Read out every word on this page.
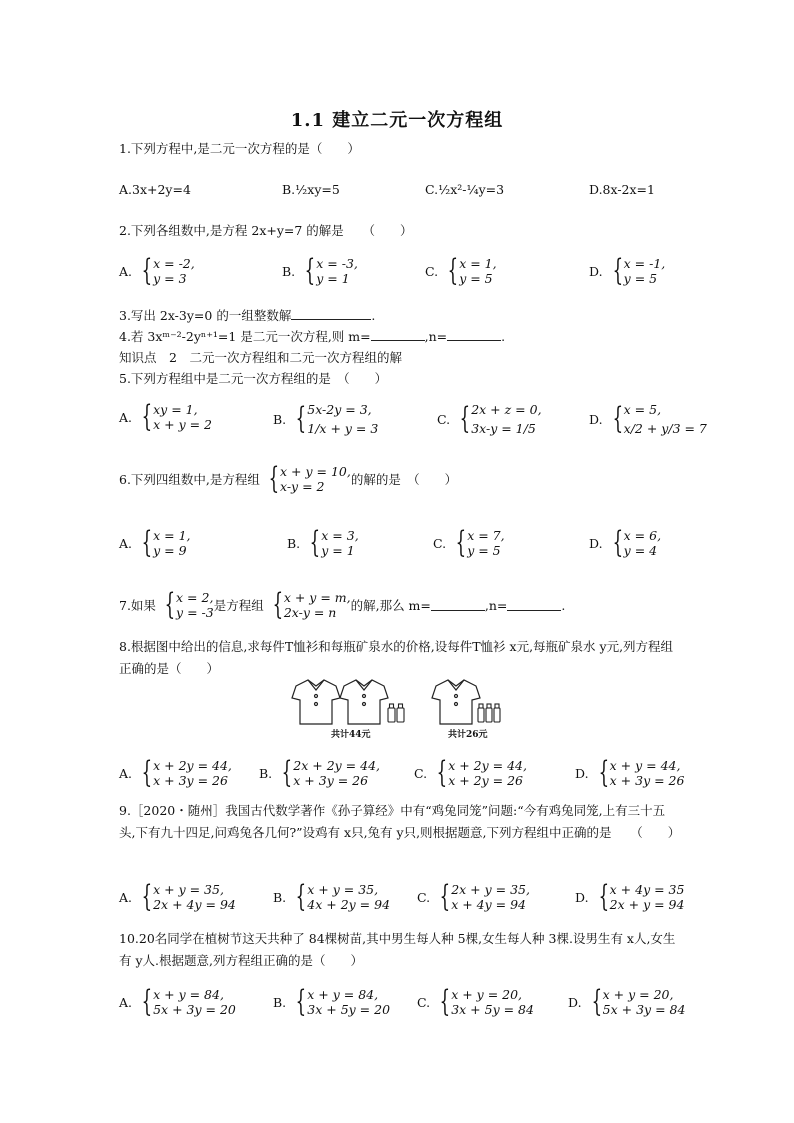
1.1 建立二元一次方程组
1.下列方程中,是二元一次方程的是（　　）
A.3x+2y=4	B.½xy=5	C.½x²-¼y=3	D.8x-2x=1
2.下列各组数中,是方程 2x+y=7 的解是　　（　　）
A. { x = -2,
y = 3	B. { x = -3,
y = 1	C. { x = 1,
y = 5	D. { x = -1,
y = 5
3.写出 2x-3y=0 的一组整数解	.
4.若 3xᵐ⁻²-2yⁿ⁺¹=1 是二元一次方程,则 m=	,n=	.
知识点　2　二元一次方程组和二元一次方程组的解
5.下列方程组中是二元一次方程组的是　（　　）
A. { xy = 1,
x + y = 2	B. { 5x-2y = 3,
1/x + y = 3
C. { 2x + z = 0,
3x-y = 1/5
D. { x = 5,
x/2 + y/3 = 7
6.下列四组数中,是方程组 { x + y = 10,
x-y = 2	的解的是　（　　）
A. { x = 1,
y = 9	B. { x = 3,
y = 1	C. { x = 7,
y = 5	D. { x = 6,
y = 4
7.如果 { x = 2,
y = -3 是方程组 { x + y = m,
2x-y = n	的解,那么 m=	,n=	.
8.根据图中给出的信息,求每件T恤衫和每瓶矿泉水的价格,设每件T恤衫 x元,每瓶矿泉水 y元,列方程组正确的是（　　）
共计44元	共计26元
A. { x + 2y = 44,
x + 3y = 26	B. { 2x + 2y = 44,
x + 3y = 26	C. { x + 2y = 44,
x + 2y = 26	D. { x + y = 44,
x + 3y = 26
9.［2020・随州］我国古代数学著作《孙子算经》中有“鸡兔同笼”问题:“今有鸡兔同笼,上有三十五头,下有九十四足,问鸡兔各几何?”设鸡有 x只,兔有 y只,则根据题意,下列方程组中正确的是　　（　　）
A. { x + y = 35,
2x + 4y = 94	B. { x + y = 35,
4x + 2y = 94 C. { 2x + y = 35,
x + 4y = 94	D. { x + 4y = 35
2x + y = 94
10.20名同学在植树节这天共种了 84棵树苗,其中男生每人种 5棵,女生每人种 3棵.设男生有 x人,女生有 y人.根据题意,列方程组正确的是（　　）
A. { x + y = 84,
5x + 3y = 20	B. { x + y = 84,
3x + 5y = 20 C. { x + y = 20,
3x + 5y = 84	D. { x + y = 20,
5x + 3y = 84
